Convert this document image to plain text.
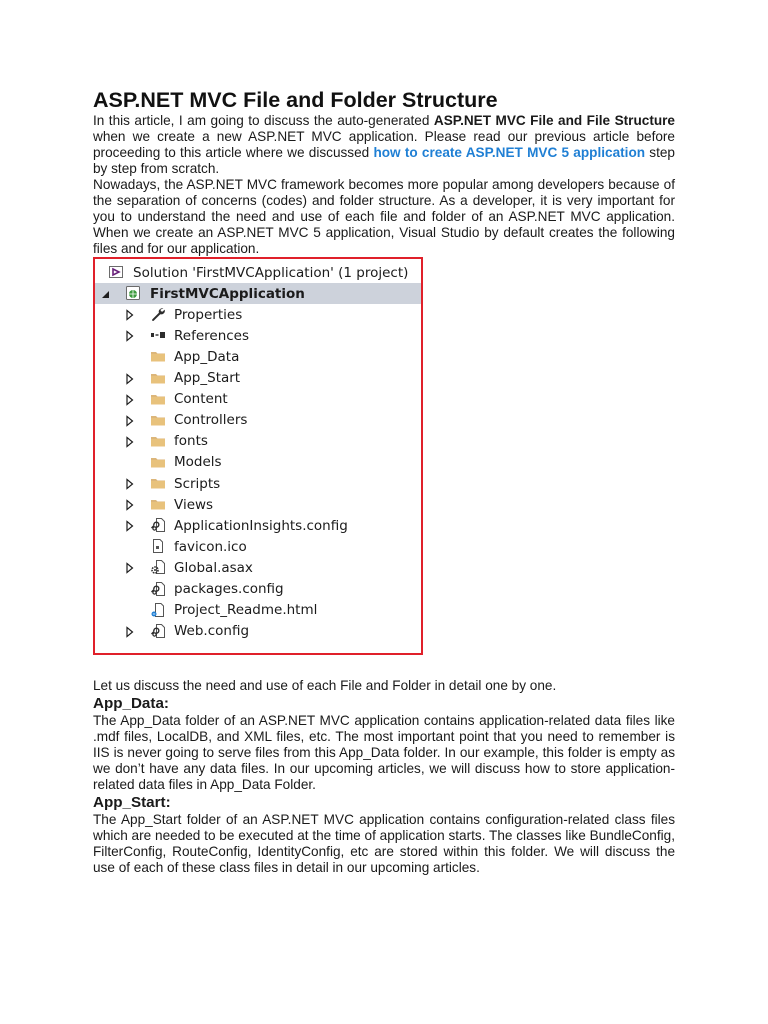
ASP.NET MVC File and Folder Structure

In this article, I am going to discuss the auto-generated ASP.NET MVC File and File Structure when we create a new ASP.NET MVC application. Please read our previous article before proceeding to this article where we discussed how to create ASP.NET MVC 5 application step by step from scratch.

Nowadays, the ASP.NET MVC framework becomes more popular among developers because of the separation of concerns (codes) and folder structure. As a developer, it is very important for you to understand the need and use of each file and folder of an ASP.NET MVC application. When we create an ASP.NET MVC 5 application, Visual Studio by default creates the following files and for our application.

Solution 'FirstMVCApplication' (1 project)
FirstMVCApplication
Properties
References
App_Data
App_Start
Content
Controllers
fonts
Models
Scripts
Views
ApplicationInsights.config
favicon.ico
Global.asax
packages.config
Project_Readme.html
Web.config

Let us discuss the need and use of each File and Folder in detail one by one.

App_Data:

The App_Data folder of an ASP.NET MVC application contains application-related data files like .mdf files, LocalDB, and XML files, etc. The most important point that you need to remember is IIS is never going to serve files from this App_Data folder. In our example, this folder is empty as we don’t have any data files. In our upcoming articles, we will discuss how to store application-related data files in App_Data Folder.

App_Start:

The App_Start folder of an ASP.NET MVC application contains configuration-related class files which are needed to be executed at the time of application starts. The classes like BundleConfig, FilterConfig, RouteConfig, IdentityConfig, etc are stored within this folder. We will discuss the use of each of these class files in detail in our upcoming articles.
